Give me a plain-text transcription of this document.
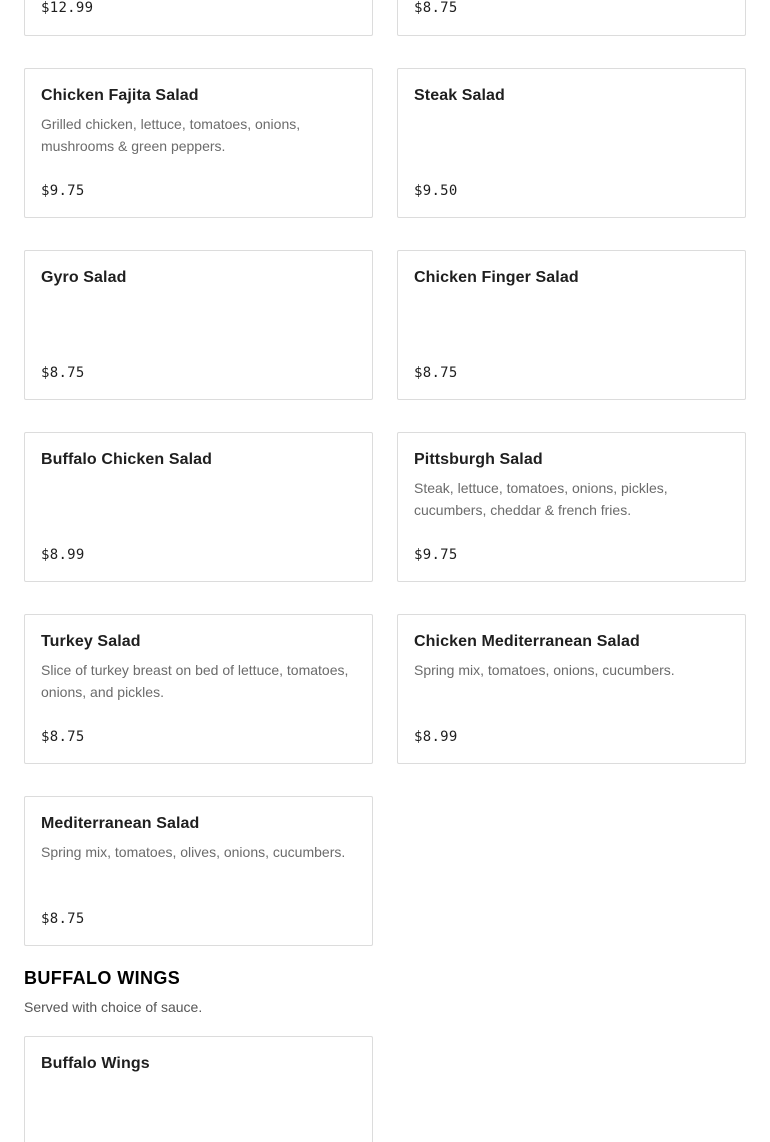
$12.99	$8.75

Chicken Fajita Salad

Grilled chicken, lettuce, tomatoes, onions, mushrooms & green peppers.

$9.75

Steak Salad

$9.50

Gyro Salad

$8.75

Chicken Finger Salad

$8.75

Buffalo Chicken Salad

$8.99

Pittsburgh Salad

Steak, lettuce, tomatoes, onions, pickles, cucumbers, cheddar & french fries.

$9.75

Turkey Salad

Slice of turkey breast on bed of lettuce, tomatoes, onions, and pickles.

$8.75

Chicken Mediterranean Salad

Spring mix, tomatoes, onions, cucumbers.

$8.99

Mediterranean Salad

Spring mix, tomatoes, olives, onions, cucumbers.

$8.75

BUFFALO WINGS

Served with choice of sauce.

Buffalo Wings
